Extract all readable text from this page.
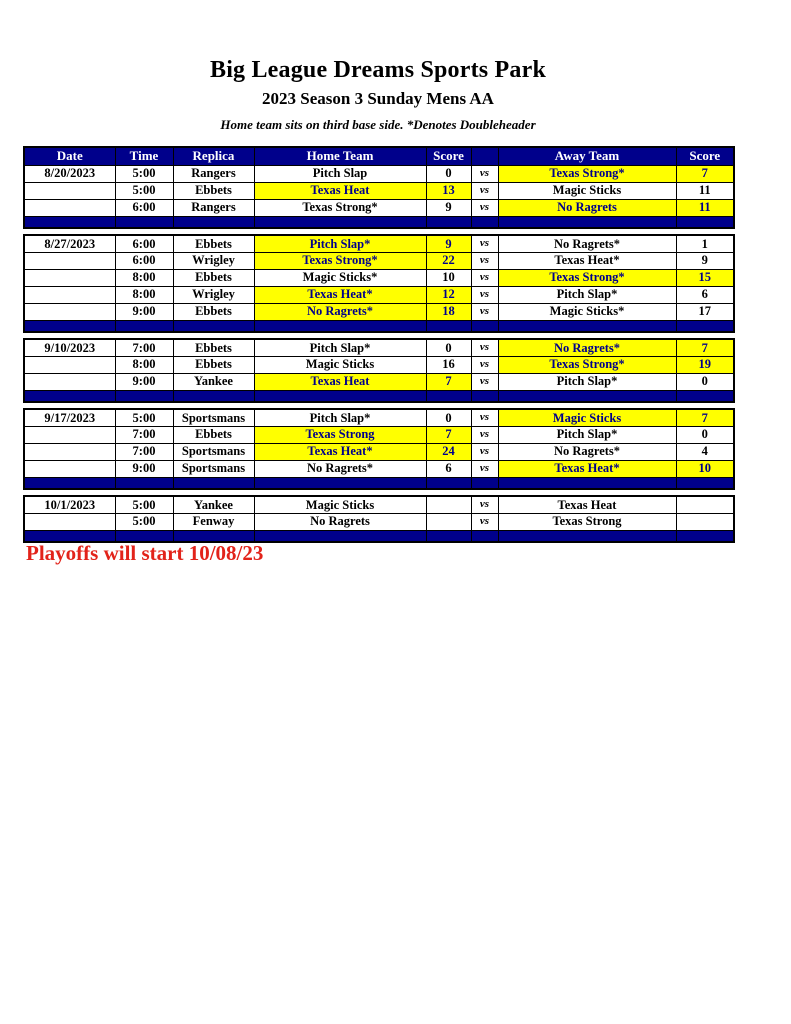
Big League Dreams Sports Park
2023 Season 3 Sunday Mens AA
Home team sits on third base side. *Denotes Doubleheader
Date	Time	Replica	Home Team	Score		Away Team	Score
8/20/2023	5:00	Rangers	Pitch Slap	0	vs	Texas Strong*	7
	5:00	Ebbets	Texas Heat	13	vs	Magic Sticks	11
	6:00	Rangers	Texas Strong*	9	vs	No Ragrets	11

8/27/2023	6:00	Ebbets	Pitch Slap*	9	vs	No Ragrets*	1
	6:00	Wrigley	Texas Strong*	22	vs	Texas Heat*	9
	8:00	Ebbets	Magic Sticks*	10	vs	Texas Strong*	15
	8:00	Wrigley	Texas Heat*	12	vs	Pitch Slap*	6
	9:00	Ebbets	No Ragrets*	18	vs	Magic Sticks*	17

9/10/2023	7:00	Ebbets	Pitch Slap*	0	vs	No Ragrets*	7
	8:00	Ebbets	Magic Sticks	16	vs	Texas Strong*	19
	9:00	Yankee	Texas Heat	7	vs	Pitch Slap*	0

9/17/2023	5:00	Sportsmans	Pitch Slap*	0	vs	Magic Sticks	7
	7:00	Ebbets	Texas Strong	7	vs	Pitch Slap*	0
	7:00	Sportsmans	Texas Heat*	24	vs	No Ragrets*	4
	9:00	Sportsmans	No Ragrets*	6	vs	Texas Heat*	10

10/1/2023	5:00	Yankee	Magic Sticks		vs	Texas Heat	
	5:00	Fenway	No Ragrets		vs	Texas Strong	

Playoffs will start 10/08/23
